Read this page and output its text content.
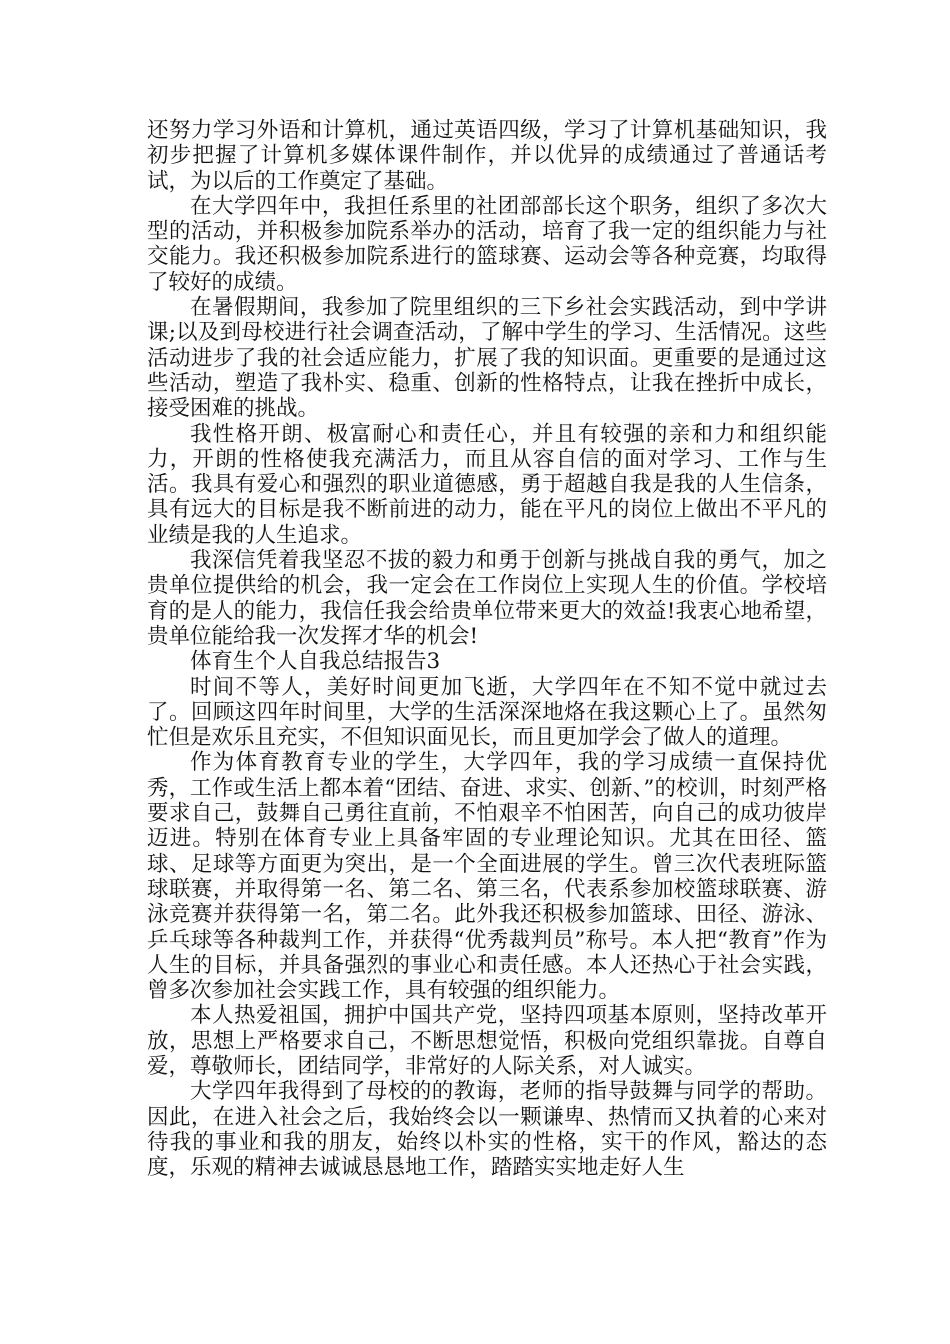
还努力学习外语和计算机，通过英语四级，学习了计算机基础知识，我初步把握了计算机多媒体课件制作，并以优异的成绩通过了普通话考试，为以后的工作奠定了基础。

在大学四年中，我担任系里的社团部部长这个职务，组织了多次大型的活动，并积极参加院系举办的活动，培育了我一定的组织能力与社交能力。我还积极参加院系进行的篮球赛、运动会等各种竞赛，均取得了较好的成绩。

在暑假期间，我参加了院里组织的三下乡社会实践活动，到中学讲课;以及到母校进行社会调查活动，了解中学生的学习、生活情况。这些活动进步了我的社会适应能力，扩展了我的知识面。更重要的是通过这些活动，塑造了我朴实、稳重、创新的性格特点，让我在挫折中成长，接受困难的挑战。

我性格开朗、极富耐心和责任心，并且有较强的亲和力和组织能力，开朗的性格使我充满活力，而且从容自信的面对学习、工作与生活。我具有爱心和强烈的职业道德感，勇于超越自我是我的人生信条，具有远大的目标是我不断前进的动力，能在平凡的岗位上做出不平凡的业绩是我的人生追求。

我深信凭着我坚忍不拔的毅力和勇于创新与挑战自我的勇气，加之贵单位提供给的机会，我一定会在工作岗位上实现人生的价值。学校培育的是人的能力，我信任我会给贵单位带来更大的效益!我衷心地希望，贵单位能给我一次发挥才华的机会!

体育生个人自我总结报告3

时间不等人，美好时间更加飞逝，大学四年在不知不觉中就过去了。回顾这四年时间里，大学的生活深深地烙在我这颗心上了。虽然匆忙但是欢乐且充实，不但知识面见长，而且更加学会了做人的道理。

作为体育教育专业的学生，大学四年，我的学习成绩一直保持优秀，工作或生活上都本着“团结、奋进、求实、创新、”的校训，时刻严格要求自己，鼓舞自己勇往直前，不怕艰辛不怕困苦，向自己的成功彼岸迈进。特别在体育专业上具备牢固的专业理论知识。尤其在田径、篮球、足球等方面更为突出，是一个全面进展的学生。曾三次代表班际篮球联赛，并取得第一名、第二名、第三名，代表系参加校篮球联赛、游泳竞赛并获得第一名，第二名。此外我还积极参加篮球、田径、游泳、乒乓球等各种裁判工作，并获得“优秀裁判员”称号。本人把“教育”作为人生的目标，并具备强烈的事业心和责任感。本人还热心于社会实践，曾多次参加社会实践工作，具有较强的组织能力。

本人热爱祖国，拥护中国共产党，坚持四项基本原则，坚持改革开放，思想上严格要求自己，不断思想觉悟，积极向党组织靠拢。自尊自爱，尊敬师长，团结同学，非常好的人际关系，对人诚实。

大学四年我得到了母校的的教诲，老师的指导鼓舞与同学的帮助。因此，在进入社会之后，我始终会以一颗谦卑、热情而又执着的心来对待我的事业和我的朋友，始终以朴实的性格，实干的作风，豁达的态度，乐观的精神去诚诚恳恳地工作，踏踏实实地走好人生
